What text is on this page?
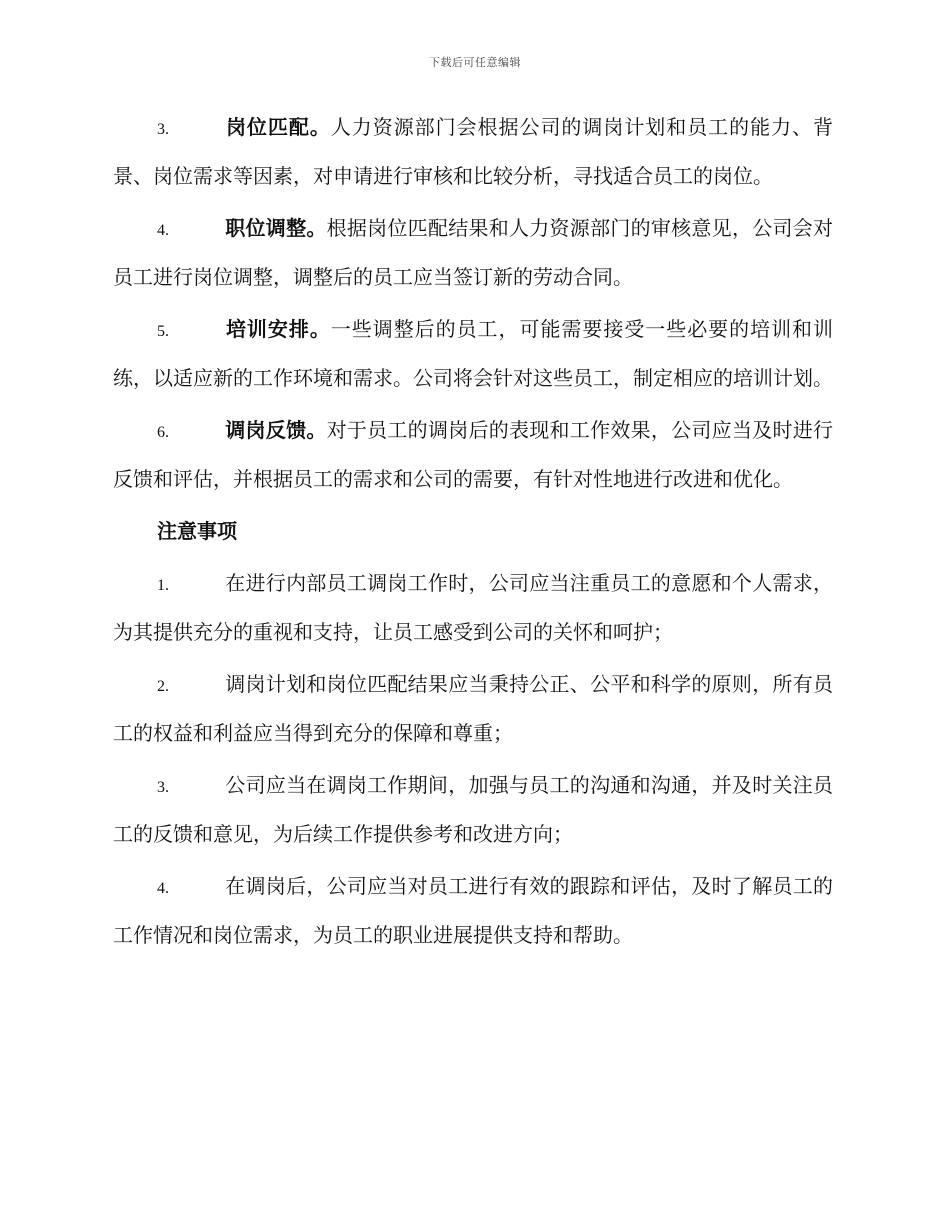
下载后可任意编辑

3.	岗位匹配。人力资源部门会根据公司的调岗计划和员工的能力、背景、岗位需求等因素，对申请进行审核和比较分析，寻找适合员工的岗位。

4.	职位调整。根据岗位匹配结果和人力资源部门的审核意见，公司会对员工进行岗位调整，调整后的员工应当签订新的劳动合同。

5.	培训安排。一些调整后的员工，可能需要接受一些必要的培训和训练，以适应新的工作环境和需求。公司将会针对这些员工，制定相应的培训计划。

6.	调岗反馈。对于员工的调岗后的表现和工作效果，公司应当及时进行反馈和评估，并根据员工的需求和公司的需要，有针对性地进行改进和优化。

注意事项

1.	在进行内部员工调岗工作时，公司应当注重员工的意愿和个人需求，为其提供充分的重视和支持，让员工感受到公司的关怀和呵护；

2.	调岗计划和岗位匹配结果应当秉持公正、公平和科学的原则，所有员工的权益和利益应当得到充分的保障和尊重；

3.	公司应当在调岗工作期间，加强与员工的沟通和沟通，并及时关注员工的反馈和意见，为后续工作提供参考和改进方向；

4.	在调岗后，公司应当对员工进行有效的跟踪和评估，及时了解员工的工作情况和岗位需求，为员工的职业进展提供支持和帮助。
